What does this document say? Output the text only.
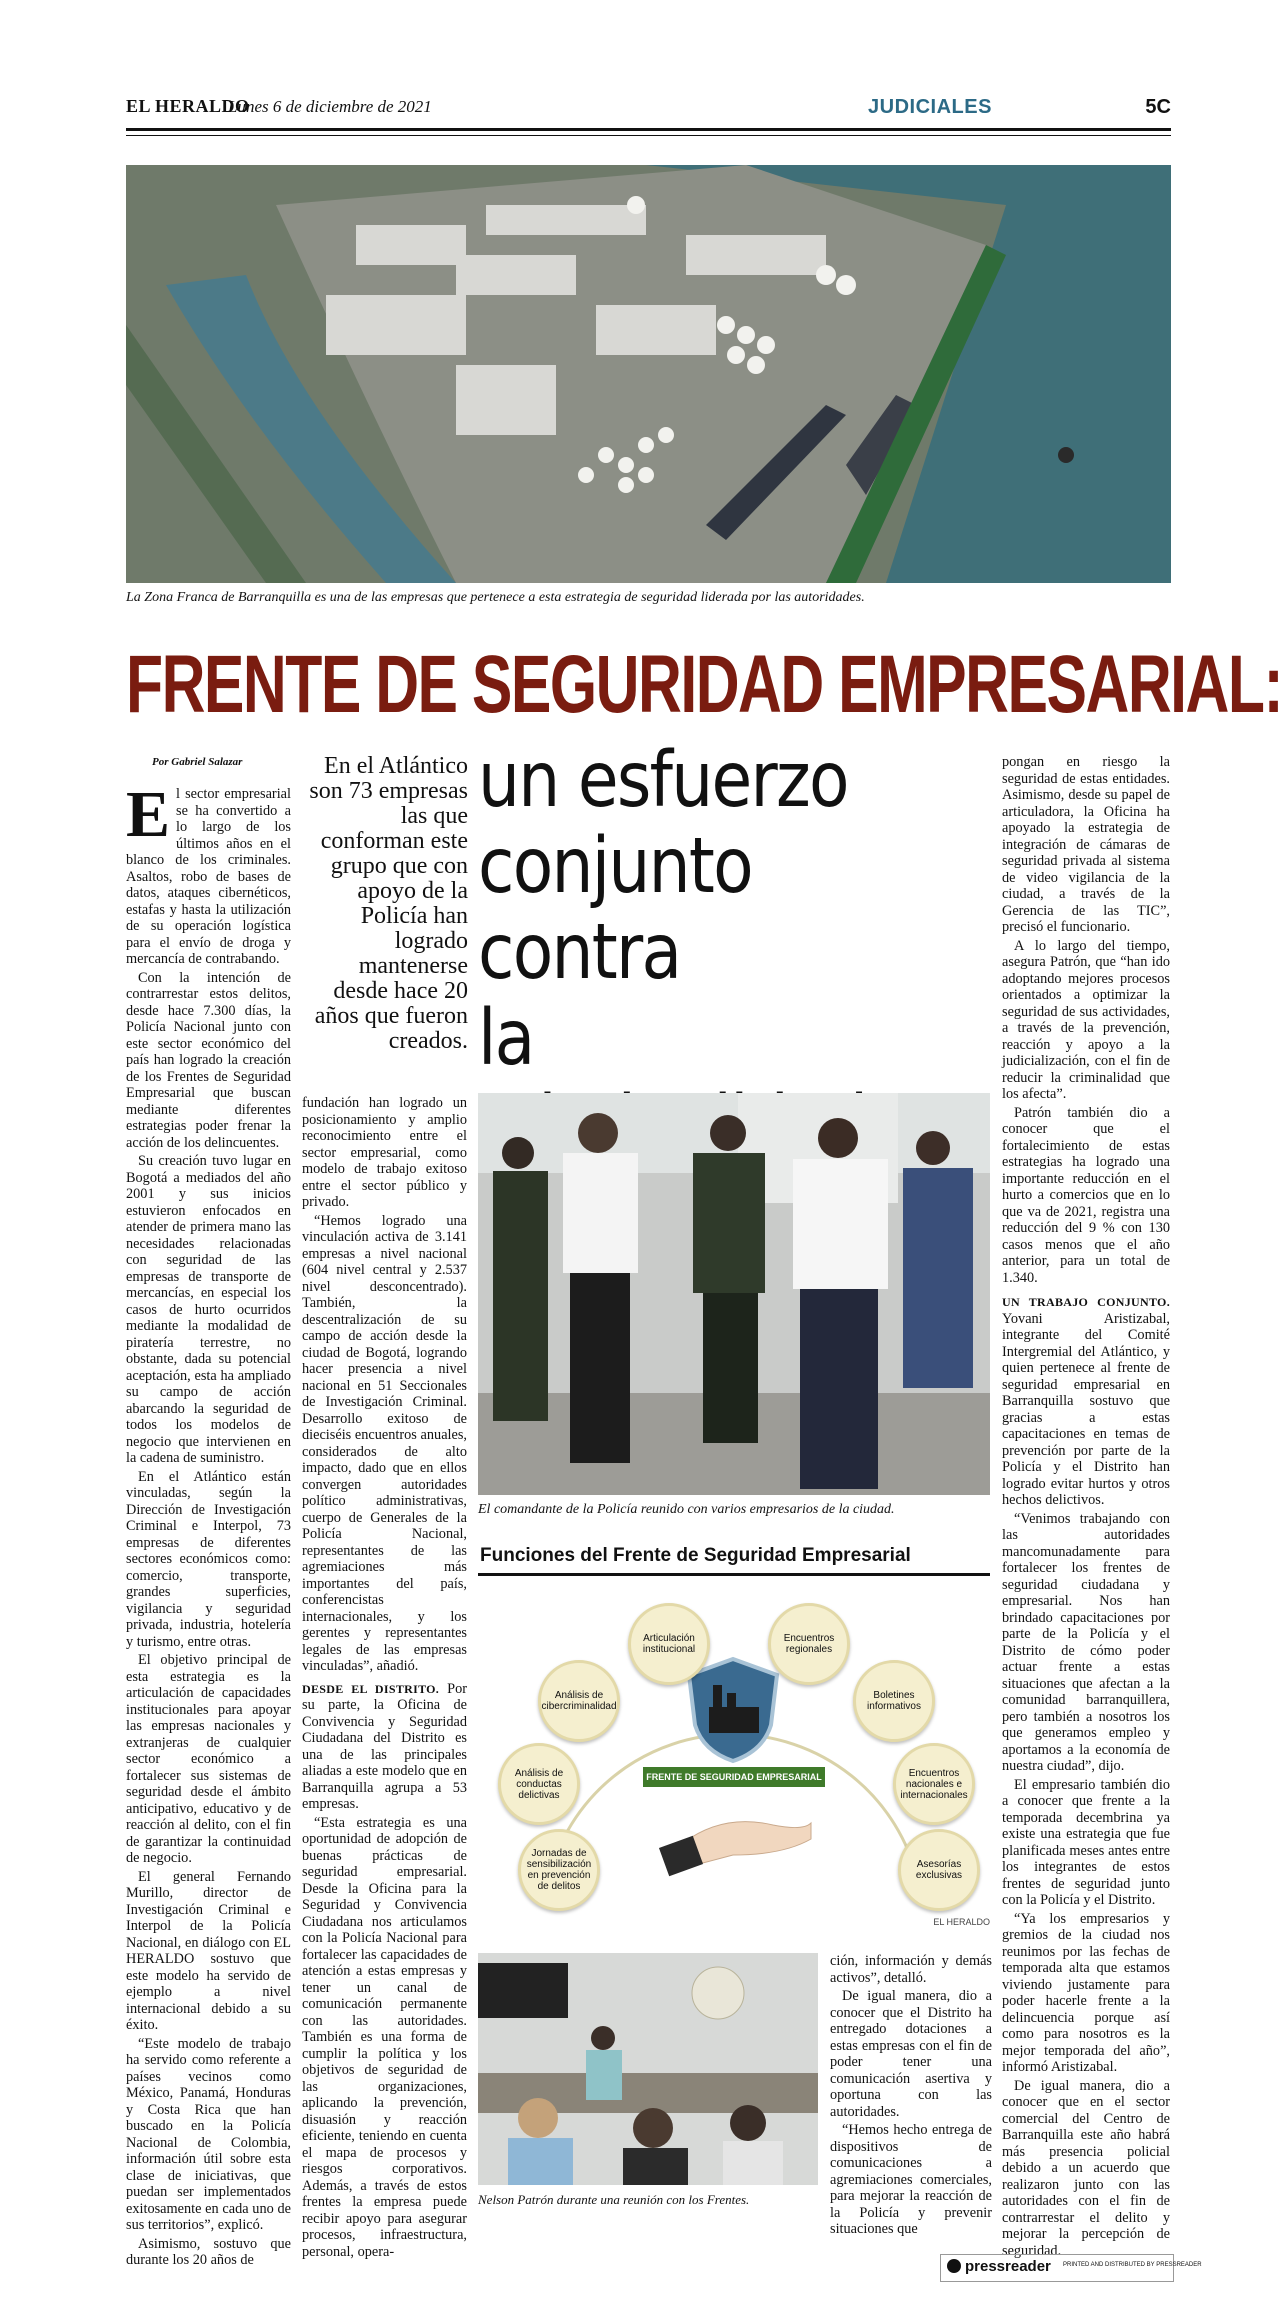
EL HERALDO
Lunes 6 de diciembre de 2021	JUDICIALES	5C
La Zona Franca de Barranquilla es una de las empresas que pertenece a esta estrategia de seguridad liderada por las autoridades.
FRENTE DE SEGURIDAD EMPRESARIAL:
un esfuerzo
conjunto contra
la
Por Gabriel Salazar	En el Atlántico son 73 empresas las que conforman este grupo que con apoyo de la Policía han logrado mantenerse desde hace 20 años que fueron creados.

El sector empresarial se ha convertido a lo largo de los últimos años en el blanco de los criminales. Asaltos, robo de bases de datos, ataques cibernéticos, estafas y hasta la utilización de su operación logística para el envío de droga y mercancía de contrabando.

Con la intención de contrarrestar estos delitos, desde hace 7.300 días, la Policía Nacional junto con este sector económico del país han logrado la creación de los Frentes de Seguridad Empresarial que buscan mediante diferentes estrategias poder frenar la acción de los delincuentes.

Su creación tuvo lugar en Bogotá a mediados del año 2001 y sus inicios estuvieron enfocados en atender de primera mano las necesidades relacionadas con seguridad de las empresas de transporte de mercancías, en especial los casos de hurto ocurridos mediante la modalidad de piratería terrestre, no obstante, dada su potencial aceptación, esta ha ampliado su campo de acción abarcando la seguridad de todos los modelos de negocio que intervienen en la cadena de suministro.

En el Atlántico están vinculadas, según la Dirección de Investigación Criminal e Interpol, 73 empresas de diferentes sectores económicos como: comercio, transporte, grandes superficies, vigilancia y seguridad privada, industria, hotelería y turismo, entre otras.

El objetivo principal de esta estrategia es la articulación de capacidades institucionales para apoyar las empresas nacionales y extranjeras de cualquier sector económico a fortalecer sus sistemas de seguridad desde el ámbito anticipativo, educativo y de reacción al delito, con el fin de garantizar la continuidad de negocio.

El general Fernando Murillo, director de Investigación Criminal e Interpol de la Policía Nacional, en diálogo con EL HERALDO sostuvo que este modelo ha servido de ejemplo a nivel internacional debido a su éxito.

“Este modelo de trabajo ha servido como referente a países vecinos como México, Panamá, Honduras y Costa Rica que han buscado en la Policía Nacional de Colombia, información útil sobre esta clase de iniciativas, que puedan ser implementados exitosamente en cada uno de sus territorios”, explicó.

Asimismo, sostuvo que durante los 20 años de

fundación han logrado un posicionamiento y amplio reconocimiento entre el sector empresarial, como modelo de trabajo exitoso entre el sector público y privado.

“Hemos logrado una vinculación activa de 3.141 empresas a nivel nacional (604 nivel central y 2.537 nivel desconcentrado). También, la descentralización de su campo de acción desde la ciudad de Bogotá, logrando hacer presencia a nivel nacional en 51 Seccionales de Investigación Criminal. Desarrollo exitoso de dieciséis encuentros anuales, considerados de alto impacto, dado que en ellos convergen autoridades político administrativas, cuerpo de Generales de la Policía Nacional, representantes de las agremiaciones más importantes del país, conferencistas internacionales, y los gerentes y representantes legales de las empresas vinculadas”, añadió.

DESDE EL DISTRITO. Por su parte, la Oficina de Convivencia y Seguridad Ciudadana del Distrito es una de las principales aliadas a este modelo que en Barranquilla agrupa a 53 empresas.

“Esta estrategia es una oportunidad de adopción de buenas prácticas de seguridad empresarial. Desde la Oficina para la Seguridad y Convivencia Ciudadana nos articulamos con la Policía Nacional para fortalecer las capacidades de atención a estas empresas y tener un canal de comunicación permanente con las autoridades. También es una forma de cumplir la política y los objetivos de seguridad de las organizaciones, aplicando la prevención, disuasión y reacción eficiente, teniendo en cuenta el mapa de procesos y riesgos corporativos. Además, a través de estos frentes la empresa puede recibir apoyo para asegurar procesos, infraestructura, personal, opera-

El comandante de la Policía reunido con varios empresarios de la ciudad.
Funciones del Frente de Seguridad Empresarial
FRENTE DE SEGURIDAD EMPRESARIAL
Articulación institucional
Encuentros regionales
Análisis de cibercriminalidad
Boletines informativos
Análisis de conductas delictivas
Encuentros nacionales e internacionales
Jornadas de sensibilización en prevención de delitos
Asesorías exclusivas
EL HERALDO
Nelson Patrón durante una reunión con los Frentes.

ción, información y demás activos”, detalló.

De igual manera, dio a conocer que el Distrito ha entregado dotaciones a estas empresas con el fin de poder tener una comunicación asertiva y oportuna con las autoridades.

“Hemos hecho entrega de dispositivos de comunicaciones a agremiaciones comerciales, para mejorar la reacción de la Policía y prevenir situaciones que

pongan en riesgo la seguridad de estas entidades. Asimismo, desde su papel de articuladora, la Oficina ha apoyado la estrategia de integración de cámaras de seguridad privada al sistema de video vigilancia de la ciudad, a través de la Gerencia de las TIC”, precisó el funcionario.

A lo largo del tiempo, asegura Patrón, que “han ido adoptando mejores procesos orientados a optimizar la seguridad de sus actividades, a través de la prevención, reacción y apoyo a la judicialización, con el fin de reducir la criminalidad que los afecta”.

Patrón también dio a conocer que el fortalecimiento de estas estrategias ha logrado una importante reducción en el hurto a comercios que en lo que va de 2021, registra una reducción del 9 % con 130 casos menos que el año anterior, para un total de 1.340.

UN TRABAJO CONJUNTO. Yovani Aristizabal, integrante del Comité Intergremial del Atlántico, y quien pertenece al frente de seguridad empresarial en Barranquilla sostuvo que gracias a estas capacitaciones en temas de prevención por parte de la Policía y el Distrito han logrado evitar hurtos y otros hechos delictivos.

“Venimos trabajando con las autoridades mancomunadamente para fortalecer los frentes de seguridad ciudadana y empresarial. Nos han brindado capacitaciones por parte de la Policía y el Distrito de cómo poder actuar frente a estas situaciones que afectan a la comunidad barranquillera, pero también a nosotros los que generamos empleo y aportamos a la economía de nuestra ciudad”, dijo.

El empresario también dio a conocer que frente a la temporada decembrina ya existe una estrategia que fue planificada meses antes entre los integrantes de estos frentes de seguridad junto con la Policía y el Distrito.

“Ya los empresarios y gremios de la ciudad nos reunimos por las fechas de temporada alta que estamos viviendo justamente para poder hacerle frente a la delincuencia porque así como para nosotros es la mejor temporada del año”, informó Aristizabal.

De igual manera, dio a conocer que en el sector comercial del Centro de Barranquilla este año habrá más presencia policial debido a un acuerdo que realizaron junto con las autoridades con el fin de contrarrestar el delito y mejorar la percepción de seguridad.

pressreader PRINTED AND DISTRIBUTED BY PRESSREADER
